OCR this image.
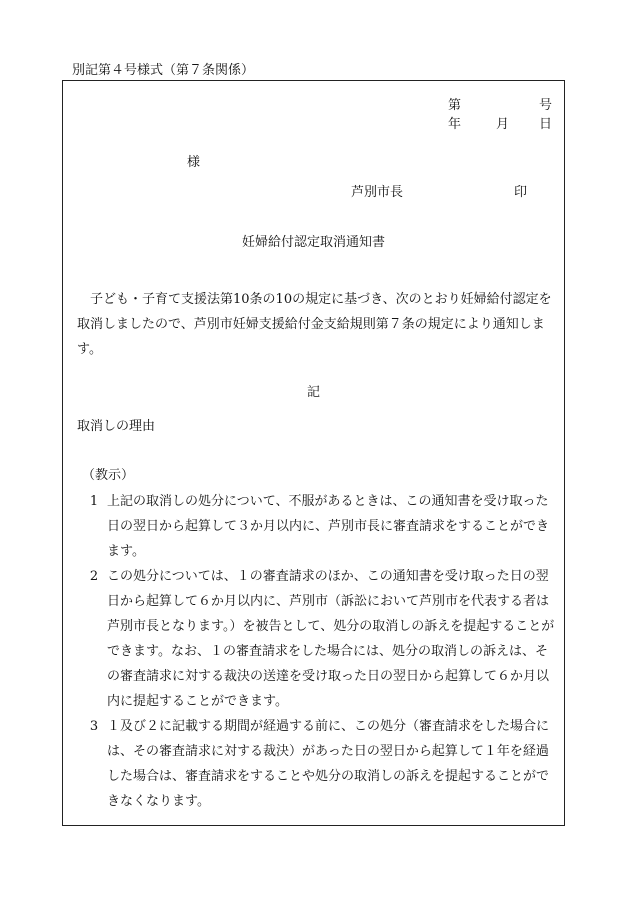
別記第４号様式（第７条関係）
第	号
年	月 日
様
芦別市長	印
妊婦給付認定取消通知書
子ども・子育て支援法第10条の10の規定に基づき、次のとおり妊婦給付認定を取消しましたので、芦別市妊婦支援給付金支給規則第７条の規定により通知します。
記
取消しの理由
（教示）
1 上記の取消しの処分について、不服があるときは、この通知書を受け取った日の翌日から起算して３か月以内に、芦別市長に審査請求をすることができます。
2 この処分については、１の審査請求のほか、この通知書を受け取った日の翌日から起算して６か月以内に、芦別市（訴訟において芦別市を代表する者は芦別市長となります。）を被告として、処分の取消しの訴えを提起することができます。なお、１の審査請求をした場合には、処分の取消しの訴えは、その審査請求に対する裁決の送達を受け取った日の翌日から起算して６か月以内に提起することができます。
3 １及び２に記載する期間が経過する前に、この処分（審査請求をした場合には、その審査請求に対する裁決）があった日の翌日から起算して１年を経過した場合は、審査請求をすることや処分の取消しの訴えを提起することができなくなります。
